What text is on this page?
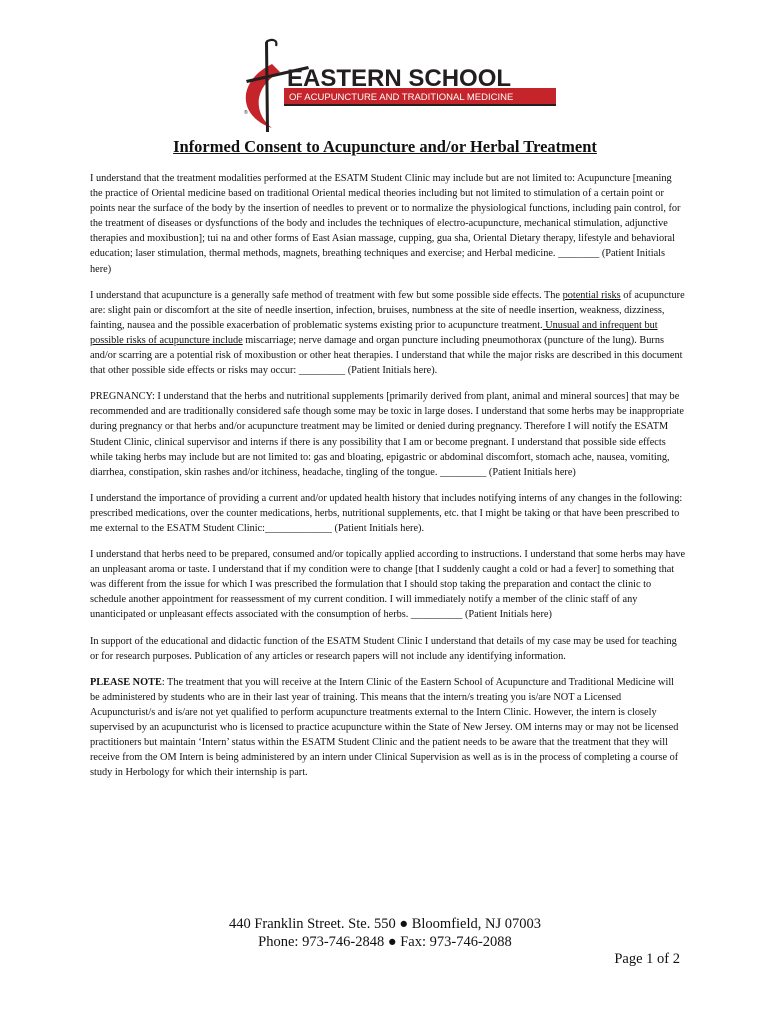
EASTERN SCHOOL
OF ACUPUNCTURE AND TRADITIONAL MEDICINE
®
Informed Consent to Acupuncture and/or Herbal Treatment

I understand that the treatment modalities performed at the ESATM Student Clinic may include but are not limited to: Acupuncture [meaning the practice of Oriental medicine based on traditional Oriental medical theories including but not limited to stimulation of a certain point or points near the surface of the body by the insertion of needles to prevent or to normalize the physiological functions, including pain control, for the treatment of diseases or dysfunctions of the body and includes the techniques of electro-acupuncture, mechanical stimulation, adjunctive therapies and moxibustion]; tui na and other forms of East Asian massage, cupping, gua sha, Oriental Dietary therapy, lifestyle and behavioral education; laser stimulation, thermal methods, magnets, breathing techniques and exercise; and Herbal medicine. ________ (Patient Initials here)

I understand that acupuncture is a generally safe method of treatment with few but some possible side effects. The potential risks of acupuncture are: slight pain or discomfort at the site of needle insertion, infection, bruises, numbness at the site of needle insertion, weakness, dizziness, fainting, nausea and the possible exacerbation of problematic systems existing prior to acupuncture treatment. Unusual and infrequent but possible risks of acupuncture include miscarriage; nerve damage and organ puncture including pneumothorax (puncture of the lung). Burns and/or scarring are a potential risk of moxibustion or other heat therapies. I understand that while the major risks are described in this document that other possible side effects or risks may occur: _________ (Patient Initials here).

PREGNANCY: I understand that the herbs and nutritional supplements [primarily derived from plant, animal and mineral sources] that may be recommended and are traditionally considered safe though some may be toxic in large doses. I understand that some herbs may be inappropriate during pregnancy or that herbs and/or acupuncture treatment may be limited or denied during pregnancy. Therefore I will notify the ESATM Student Clinic, clinical supervisor and interns if there is any possibility that I am or become pregnant. I understand that possible side effects while taking herbs may include but are not limited to: gas and bloating, epigastric or abdominal discomfort, stomach ache, nausea, vomiting, diarrhea, constipation, skin rashes and/or itchiness, headache, tingling of the tongue. _________ (Patient Initials here)

I understand the importance of providing a current and/or updated health history that includes notifying interns of any changes in the following: prescribed medications, over the counter medications, herbs, nutritional supplements, etc. that I might be taking or that have been prescribed to me external to the ESATM Student Clinic:_____________ (Patient Initials here).

I understand that herbs need to be prepared, consumed and/or topically applied according to instructions. I understand that some herbs may have an unpleasant aroma or taste. I understand that if my condition were to change [that I suddenly caught a cold or had a fever] to something that was different from the issue for which I was prescribed the formulation that I should stop taking the preparation and contact the clinic to schedule another appointment for reassessment of my current condition. I will immediately notify a member of the clinic staff of any unanticipated or unpleasant effects associated with the consumption of herbs. __________ (Patient Initials here)

In support of the educational and didactic function of the ESATM Student Clinic I understand that details of my case may be used for teaching or for research purposes. Publication of any articles or research papers will not include any identifying information.

PLEASE NOTE: The treatment that you will receive at the Intern Clinic of the Eastern School of Acupuncture and Traditional Medicine will be administered by students who are in their last year of training. This means that the intern/s treating you is/are NOT a Licensed Acupuncturist/s and is/are not yet qualified to perform acupuncture treatments external to the Intern Clinic. However, the intern is closely supervised by an acupuncturist who is licensed to practice acupuncture within the State of New Jersey. OM interns may or may not be licensed practitioners but maintain ‘Intern’ status within the ESATM Student Clinic and the patient needs to be aware that the treatment that they will receive from the OM Intern is being administered by an intern under Clinical Supervision as well as is in the process of completing a course of study in Herbology for which their internship is part.

440 Franklin Street. Ste. 550 ● Bloomfield, NJ 07003
Phone: 973-746-2848 ● Fax: 973-746-2088
Page 1 of 2
